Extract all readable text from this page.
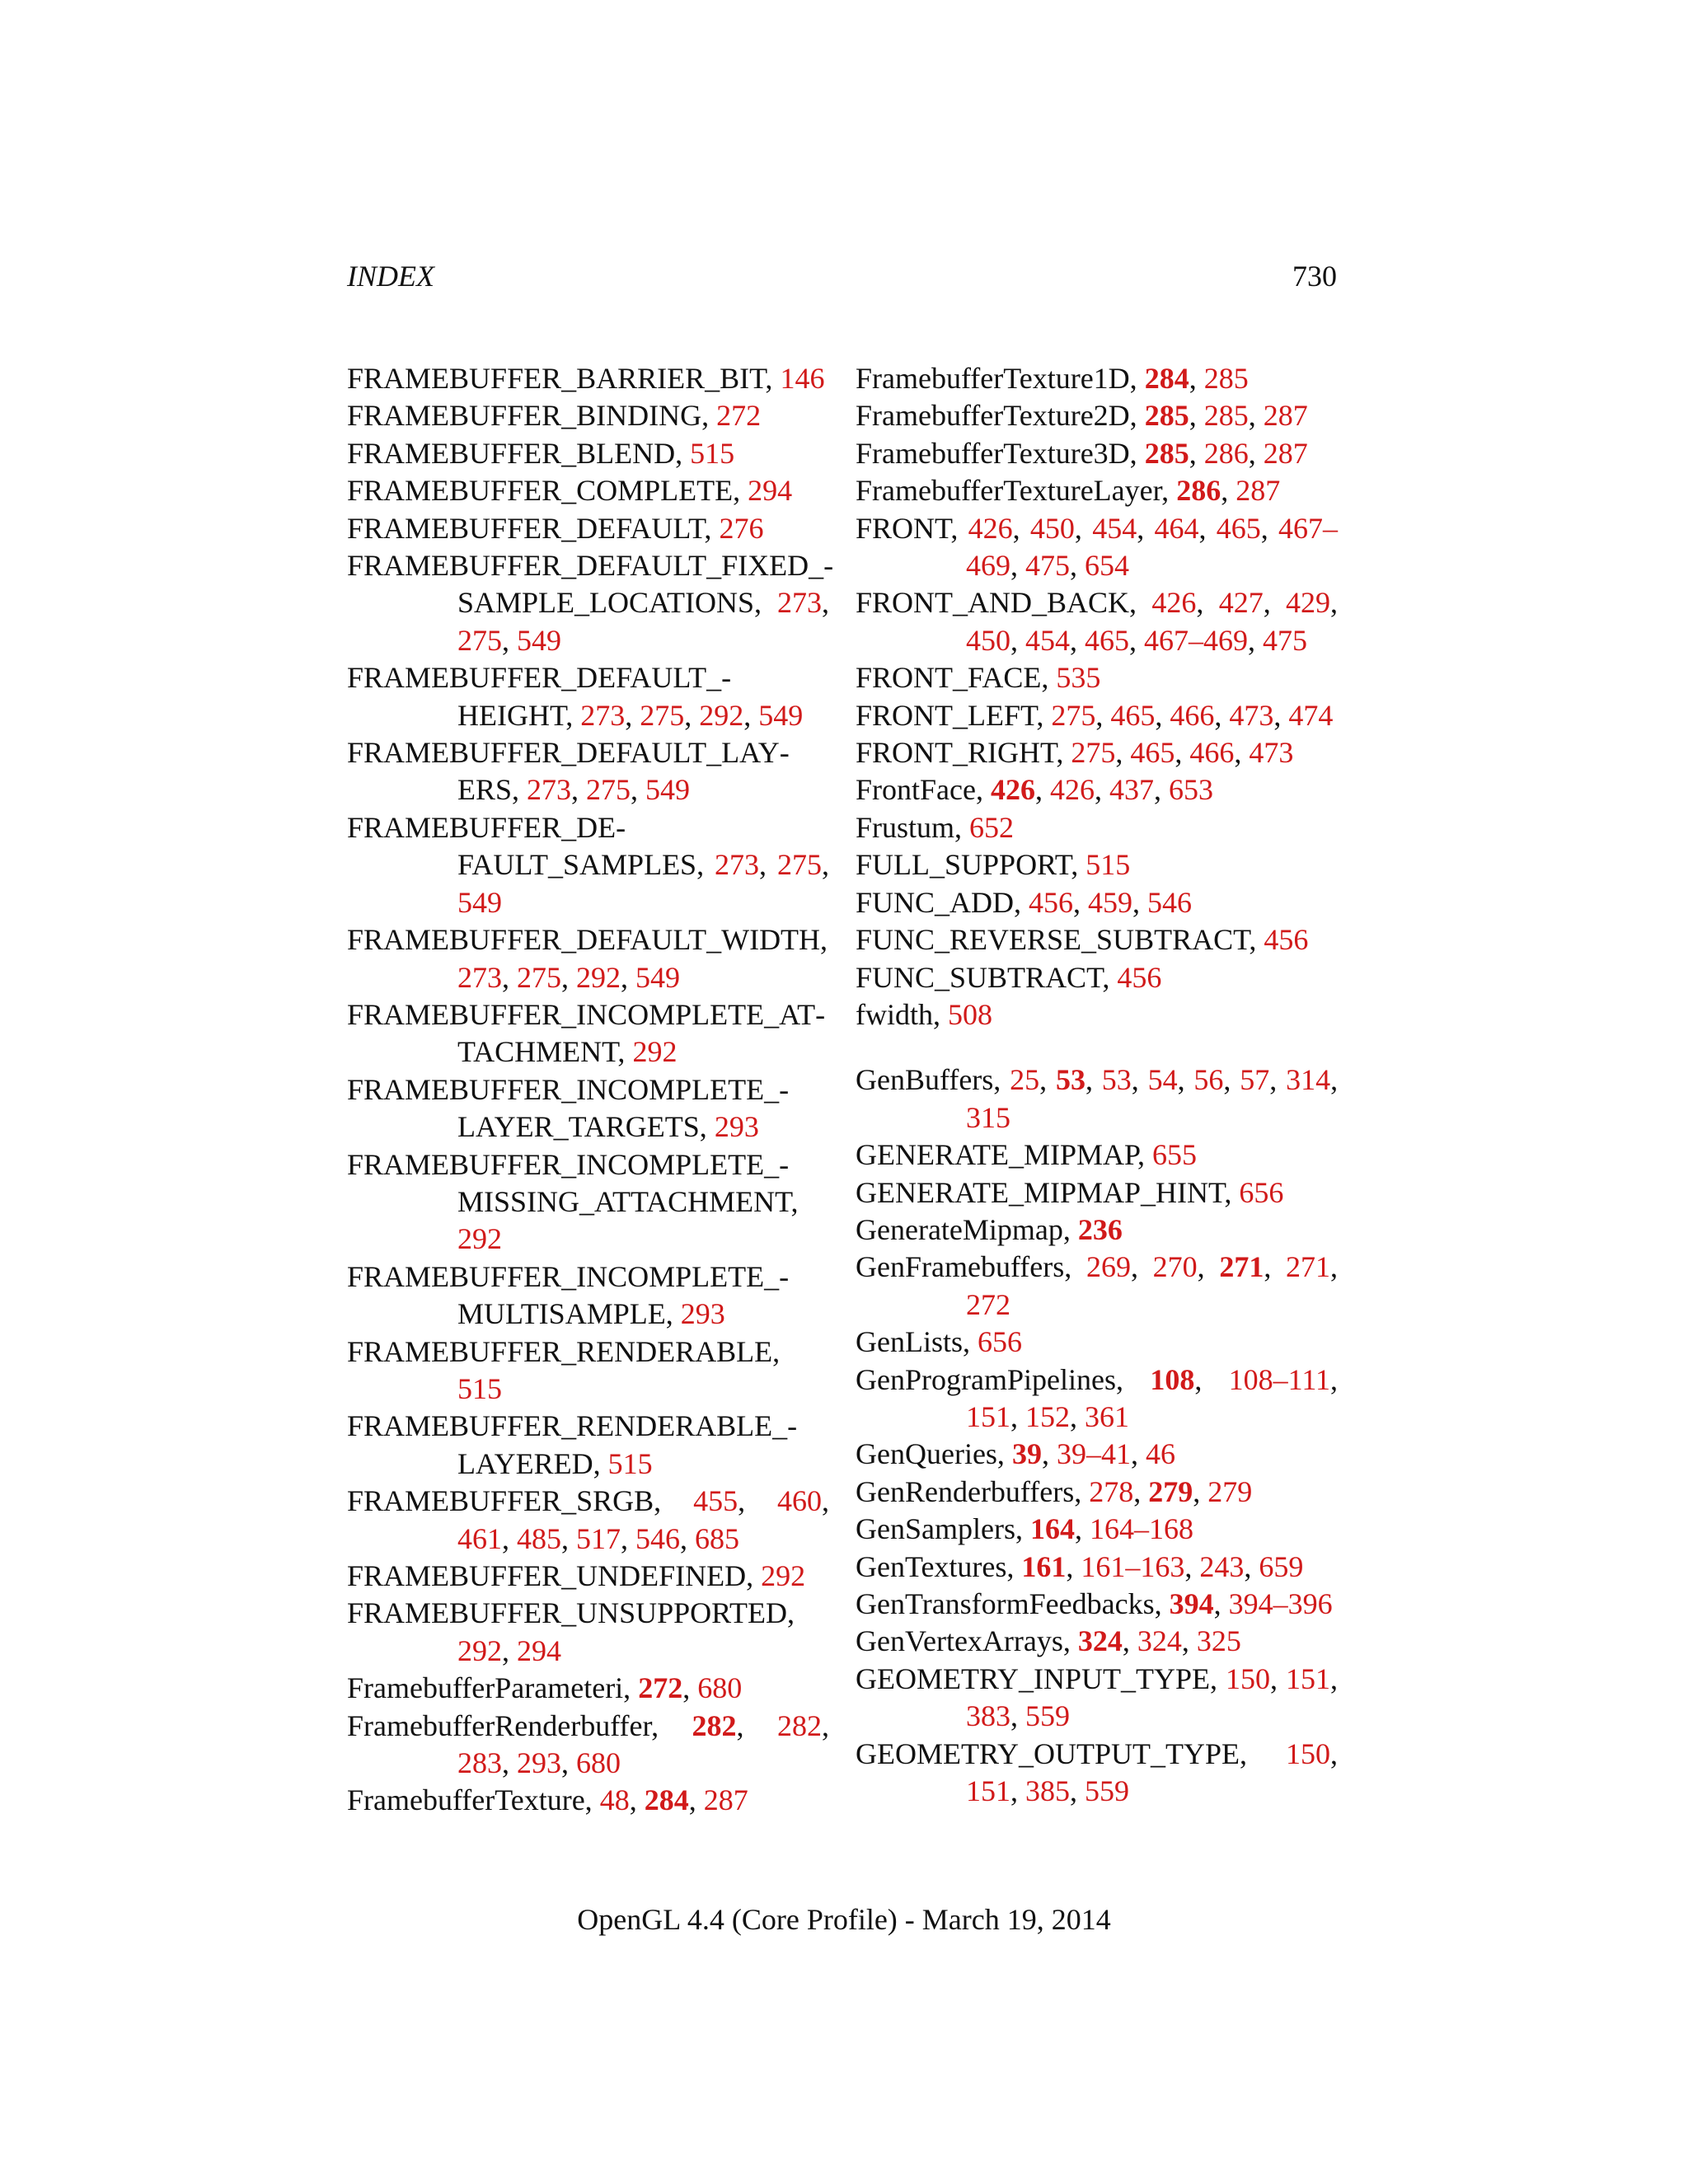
INDEX	730
FRAMEBUFFER_BARRIER_BIT, 146
FRAMEBUFFER_BINDING, 272
FRAMEBUFFER_BLEND, 515
FRAMEBUFFER_COMPLETE, 294
FRAMEBUFFER_DEFAULT, 276
FRAMEBUFFER_DEFAULT_FIXED_SAMPLE_LOCATIONS, 273, 275, 549
FRAMEBUFFER_DEFAULT_HEIGHT, 273, 275, 292, 549
FRAMEBUFFER_DEFAULT_LAYERS, 273, 275, 549
FRAMEBUFFER_DEFAULT_SAMPLES, 273, 275, 549
FRAMEBUFFER_DEFAULT_WIDTH, 273, 275, 292, 549
FRAMEBUFFER_INCOMPLETE_ATTACHMENT, 292
FRAMEBUFFER_INCOMPLETE_LAYER_TARGETS, 293
FRAMEBUFFER_INCOMPLETE_MISSING_ATTACHMENT, 292
FRAMEBUFFER_INCOMPLETE_MULTISAMPLE, 293
FRAMEBUFFER_RENDERABLE, 515
FRAMEBUFFER_RENDERABLE_LAYERED, 515
FRAMEBUFFER_SRGB, 455, 460, 461, 485, 517, 546, 685
FRAMEBUFFER_UNDEFINED, 292
FRAMEBUFFER_UNSUPPORTED, 292, 294
FramebufferParameteri, 272, 680
FramebufferRenderbuffer, 282, 282, 283, 293, 680
FramebufferTexture, 48, 284, 287
FramebufferTexture1D, 284, 285
FramebufferTexture2D, 285, 285, 287
FramebufferTexture3D, 285, 286, 287
FramebufferTextureLayer, 286, 287
FRONT, 426, 450, 454, 464, 465, 467–469, 475, 654
FRONT_AND_BACK, 426, 427, 429, 450, 454, 465, 467–469, 475
FRONT_FACE, 535
FRONT_LEFT, 275, 465, 466, 473, 474
FRONT_RIGHT, 275, 465, 466, 473
FrontFace, 426, 426, 437, 653
Frustum, 652
FULL_SUPPORT, 515
FUNC_ADD, 456, 459, 546
FUNC_REVERSE_SUBTRACT, 456
FUNC_SUBTRACT, 456
fwidth, 508
GenBuffers, 25, 53, 53, 54, 56, 57, 314, 315
GENERATE_MIPMAP, 655
GENERATE_MIPMAP_HINT, 656
GenerateMipmap, 236
GenFramebuffers, 269, 270, 271, 271, 272
GenLists, 656
GenProgramPipelines, 108, 108–111, 151, 152, 361
GenQueries, 39, 39–41, 46
GenRenderbuffers, 278, 279, 279
GenSamplers, 164, 164–168
GenTextures, 161, 161–163, 243, 659
GenTransformFeedbacks, 394, 394–396
GenVertexArrays, 324, 324, 325
GEOMETRY_INPUT_TYPE, 150, 151, 383, 559
GEOMETRY_OUTPUT_TYPE, 150, 151, 385, 559
OpenGL 4.4 (Core Profile) - March 19, 2014
